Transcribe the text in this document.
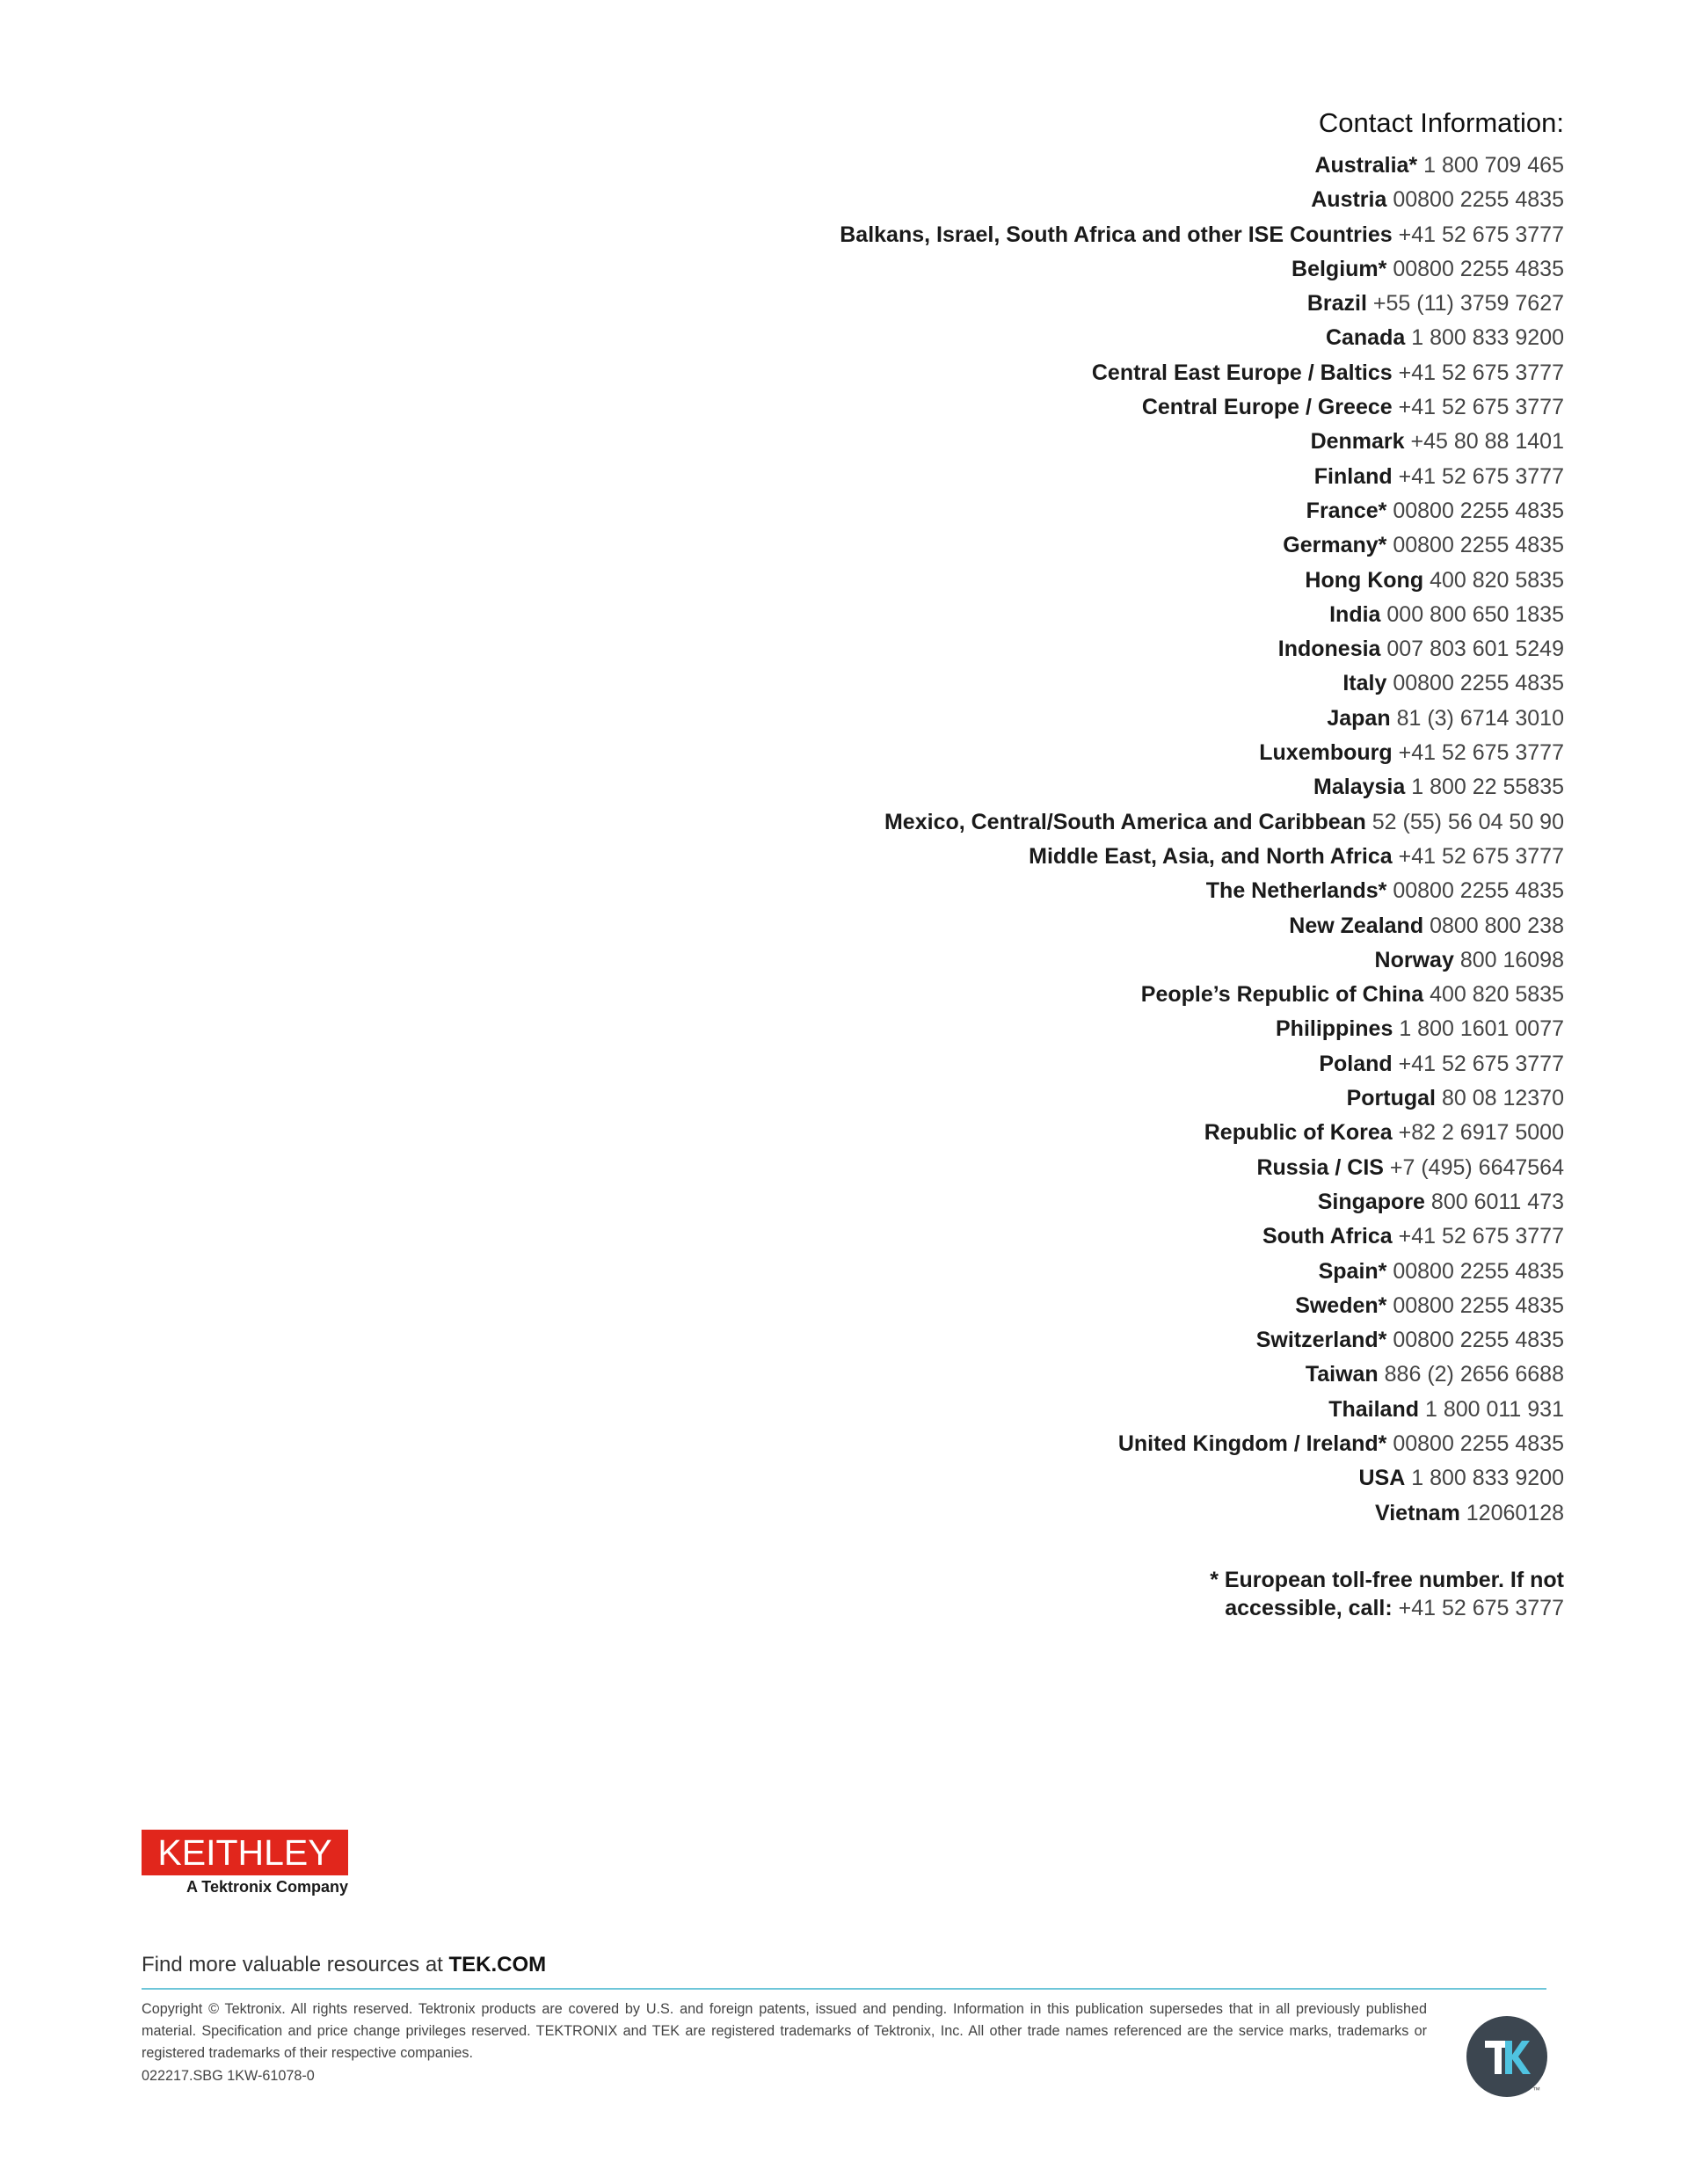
Contact Information:
Australia* 1 800 709 465
Austria 00800 2255 4835
Balkans, Israel, South Africa and other ISE Countries +41 52 675 3777
Belgium* 00800 2255 4835
Brazil +55 (11) 3759 7627
Canada 1 800 833 9200
Central East Europe / Baltics +41 52 675 3777
Central Europe / Greece +41 52 675 3777
Denmark +45 80 88 1401
Finland +41 52 675 3777
France* 00800 2255 4835
Germany* 00800 2255 4835
Hong Kong 400 820 5835
India 000 800 650 1835
Indonesia 007 803 601 5249
Italy 00800 2255 4835
Japan 81 (3) 6714 3010
Luxembourg +41 52 675 3777
Malaysia 1 800 22 55835
Mexico, Central/South America and Caribbean 52 (55) 56 04 50 90
Middle East, Asia, and North Africa +41 52 675 3777
The Netherlands* 00800 2255 4835
New Zealand 0800 800 238
Norway 800 16098
People’s Republic of China 400 820 5835
Philippines 1 800 1601 0077
Poland +41 52 675 3777
Portugal 80 08 12370
Republic of Korea +82 2 6917 5000
Russia / CIS +7 (495) 6647564
Singapore 800 6011 473
South Africa +41 52 675 3777
Spain* 00800 2255 4835
Sweden* 00800 2255 4835
Switzerland* 00800 2255 4835
Taiwan 886 (2) 2656 6688
Thailand 1 800 011 931
United Kingdom / Ireland* 00800 2255 4835
USA 1 800 833 9200
Vietnam 12060128
* European toll-free number. If not
accessible, call: +41 52 675 3777
KEITHLEY
A Tektronix Company
Find more valuable resources at TEK.COM
Copyright © Tektronix. All rights reserved. Tektronix products are covered by U.S. and foreign patents, issued and pending. Information in this publication supersedes that in all previously published material. Specification and price change privileges reserved. TEKTRONIX and TEK are registered trademarks of Tektronix, Inc. All other trade names referenced are the service marks, trademarks or registered trademarks of their respective companies.
022217.SBG 1KW-61078-0
™
